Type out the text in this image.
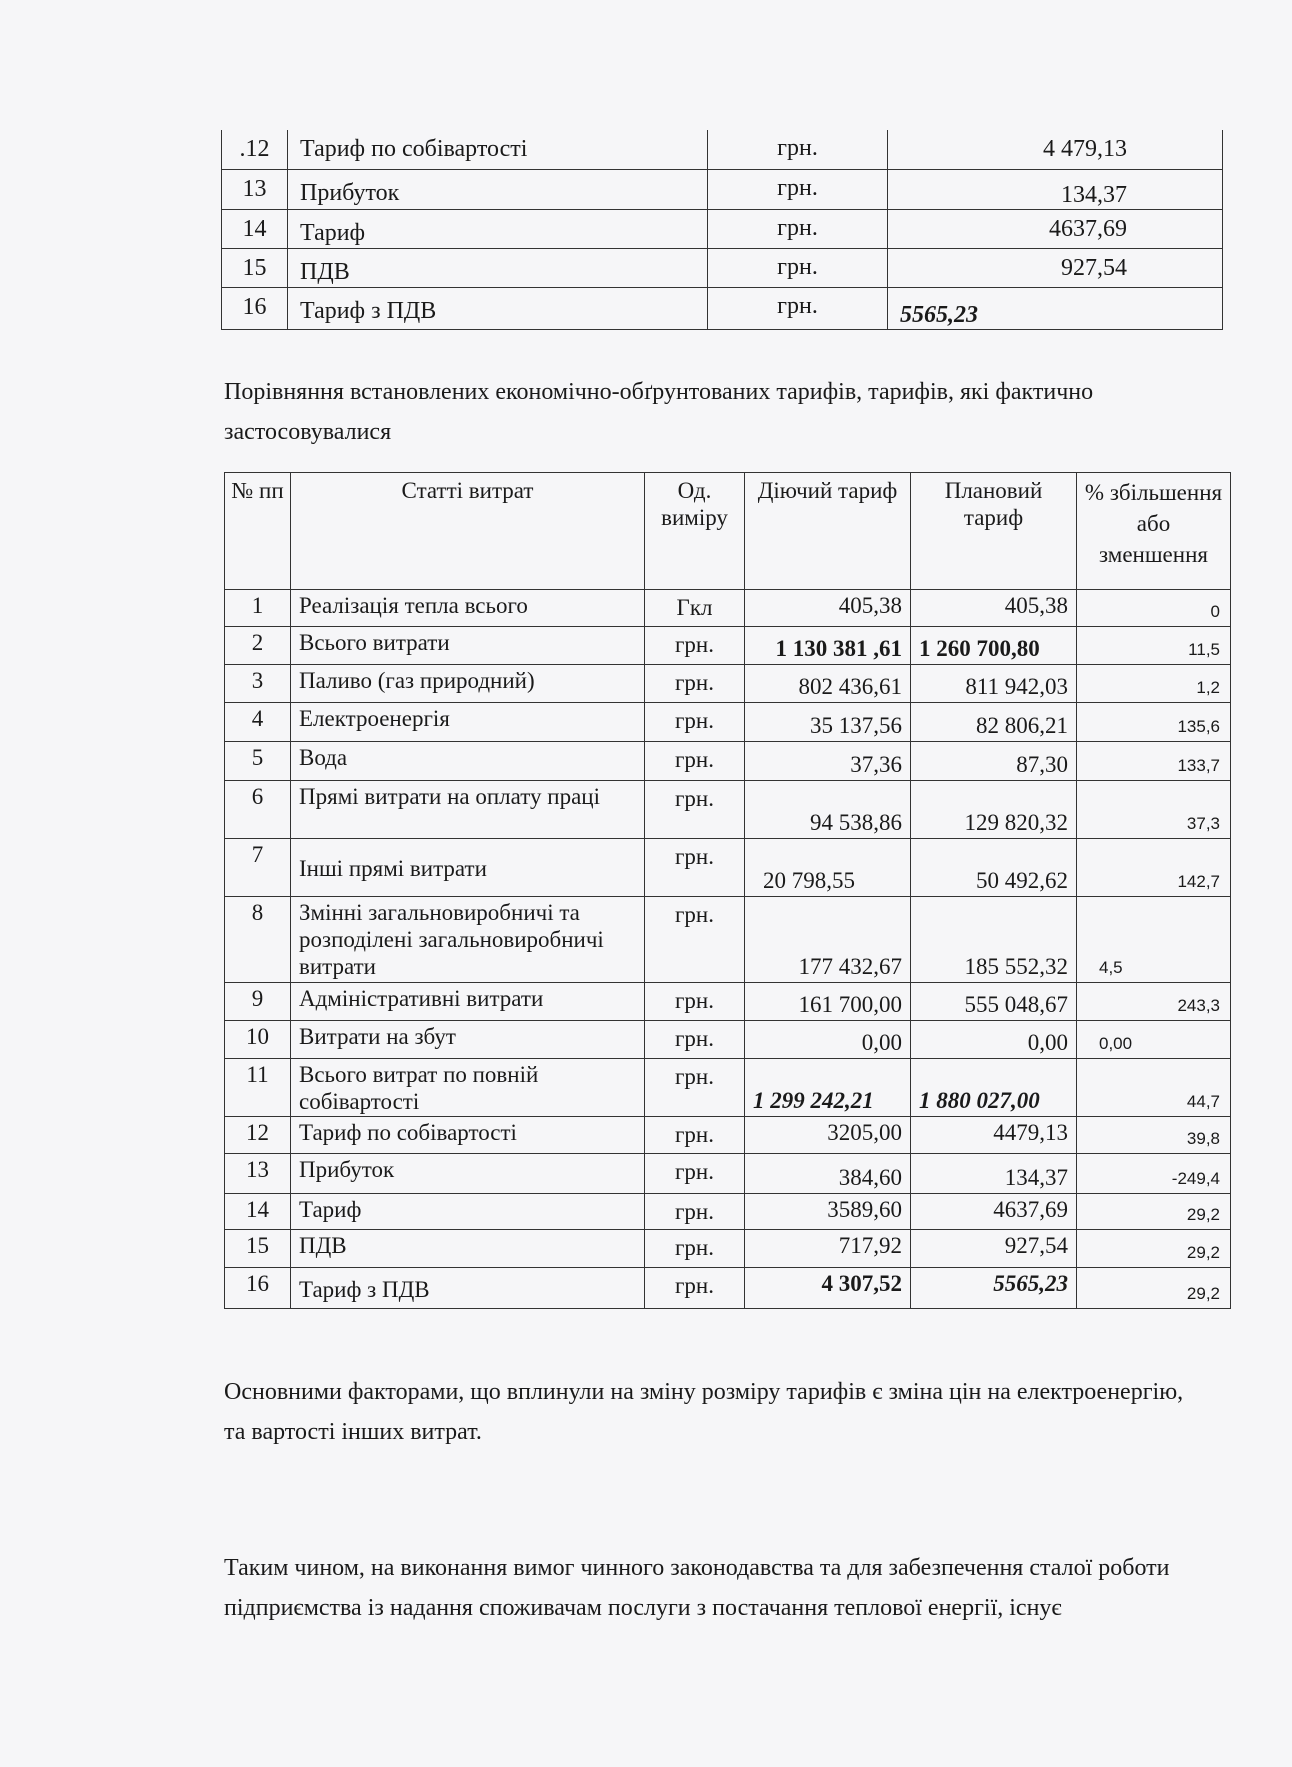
.12	Тариф по собівартості	грн.	4 479,13
13	Прибуток	грн.	134,37
14	Тариф	грн.	4637,69
15	ПДВ	грн.	927,54
16	Тариф з ПДВ	грн.	5565,23

Порівняння встановлених економічно-обґрунтованих тарифів, тарифів, які фактично застосовувалися

№ пп	Статті витрат	Од. виміру	Діючий тариф	Плановий тариф	% збільшення або зменшення
1	Реалізація тепла всього	Гкл	405,38	405,38	0
2	Всього витрати	грн.	1 130 381 ,61	1 260 700,80	11,5
3	Паливо (газ природний)	грн.	802 436,61	811 942,03	1,2
4	Електроенергія	грн.	35 137,56	82 806,21	135,6
5	Вода	грн.	37,36	87,30	133,7
6	Прямі витрати на оплату праці	грн.	94 538,86	129 820,32	37,3
7	Інші прямі витрати	грн.	20 798,55	50 492,62	142,7
8	Змінні загальновиробничі та розподілені загальновиробничі витрати	грн.	177 432,67	185 552,32	4,5
9	Адміністративні витрати	грн.	161 700,00	555 048,67	243,3
10	Витрати на збут	грн.	0,00	0,00	0,00
11	Всього витрат по повній собівартості	грн.	1 299 242,21	1 880 027,00	44,7
12	Тариф по собівартості	грн.	3205,00	4479,13	39,8
13	Прибуток	грн.	384,60	134,37	-249,4
14	Тариф	грн.	3589,60	4637,69	29,2
15	ПДВ	грн.	717,92	927,54	29,2
16	Тариф з ПДВ	грн.	4 307,52	5565,23	29,2

Основними факторами, що вплинули на зміну розміру тарифів є зміна цін на електроенергію, та вартості інших витрат.

Таким чином, на виконання вимог чинного законодавства та для забезпечення сталої роботи підприємства із надання споживачам послуги з постачання теплової енергії, існує
